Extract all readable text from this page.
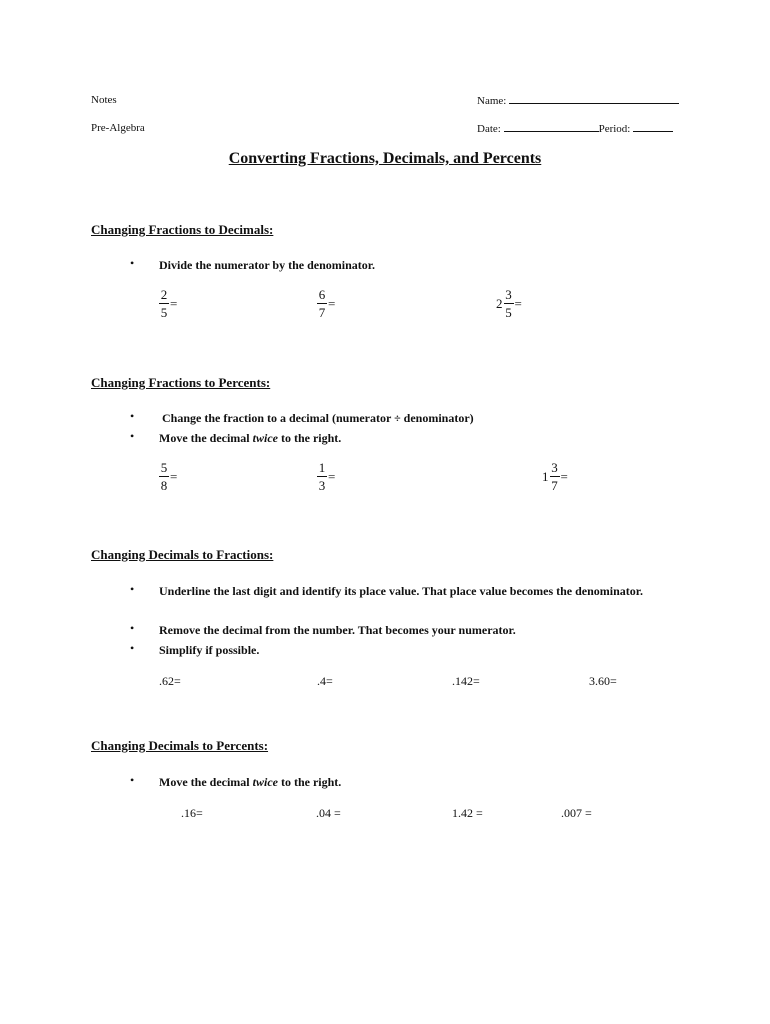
Notes
Pre-Algebra
Name:
Date:	Period:
Converting Fractions, Decimals, and Percents
Changing Fractions to Decimals:
• Divide the numerator by the denominator.
$\frac{2}{5}$ =	$\frac{6}{7}$ =	$2 \frac{3}{5}$ =
Changing Fractions to Percents:
• Change the fraction to a decimal (numerator ÷ denominator)
• Move the decimal twice to the right.
$\frac{5}{8}$ =	$\frac{1}{3}$ =	$1 \frac{3}{7}$ =
Changing Decimals to Fractions:
• Underline the last digit and identify its place value. That place value becomes the denominator.
• Remove the decimal from the number. That becomes your numerator.
• Simplify if possible.
.62=	.4=	.142=	3.60=
Changing Decimals to Percents:
• Move the decimal twice to the right.
.16=	.04 =	1.42 =	.007 =
